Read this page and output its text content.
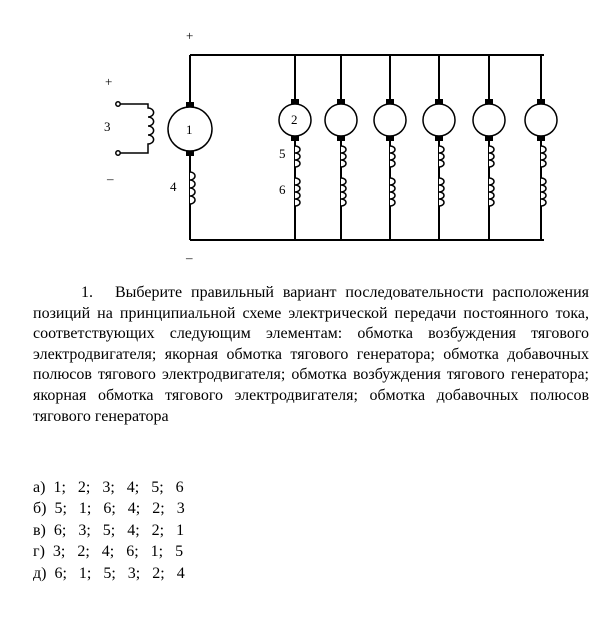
+
–
+
–
1
2
3
4
5
6
1. Выберите правильный вариант последовательности расположения позиций на принципиальной схеме электрической передачи постоянного тока, соответствующих следующим элементам: обмотка возбуждения тягового электродвигателя; якорная обмотка тягового генератора; обмотка добавочных полюсов тягового электродвигателя; обмотка возбуждения тягового генератора; якорная обмотка тягового электродвигателя; обмотка добавочных полюсов тягового генератора
а) 1;   2;   3;   4;   5;   6
б) 5;   1;   6;   4;   2;   3
в) 6;   3;   5;   4;   2;   1
г) 3;   2;   4;   6;   1;   5
д) 6;   1;   5;   3;   2;   4
